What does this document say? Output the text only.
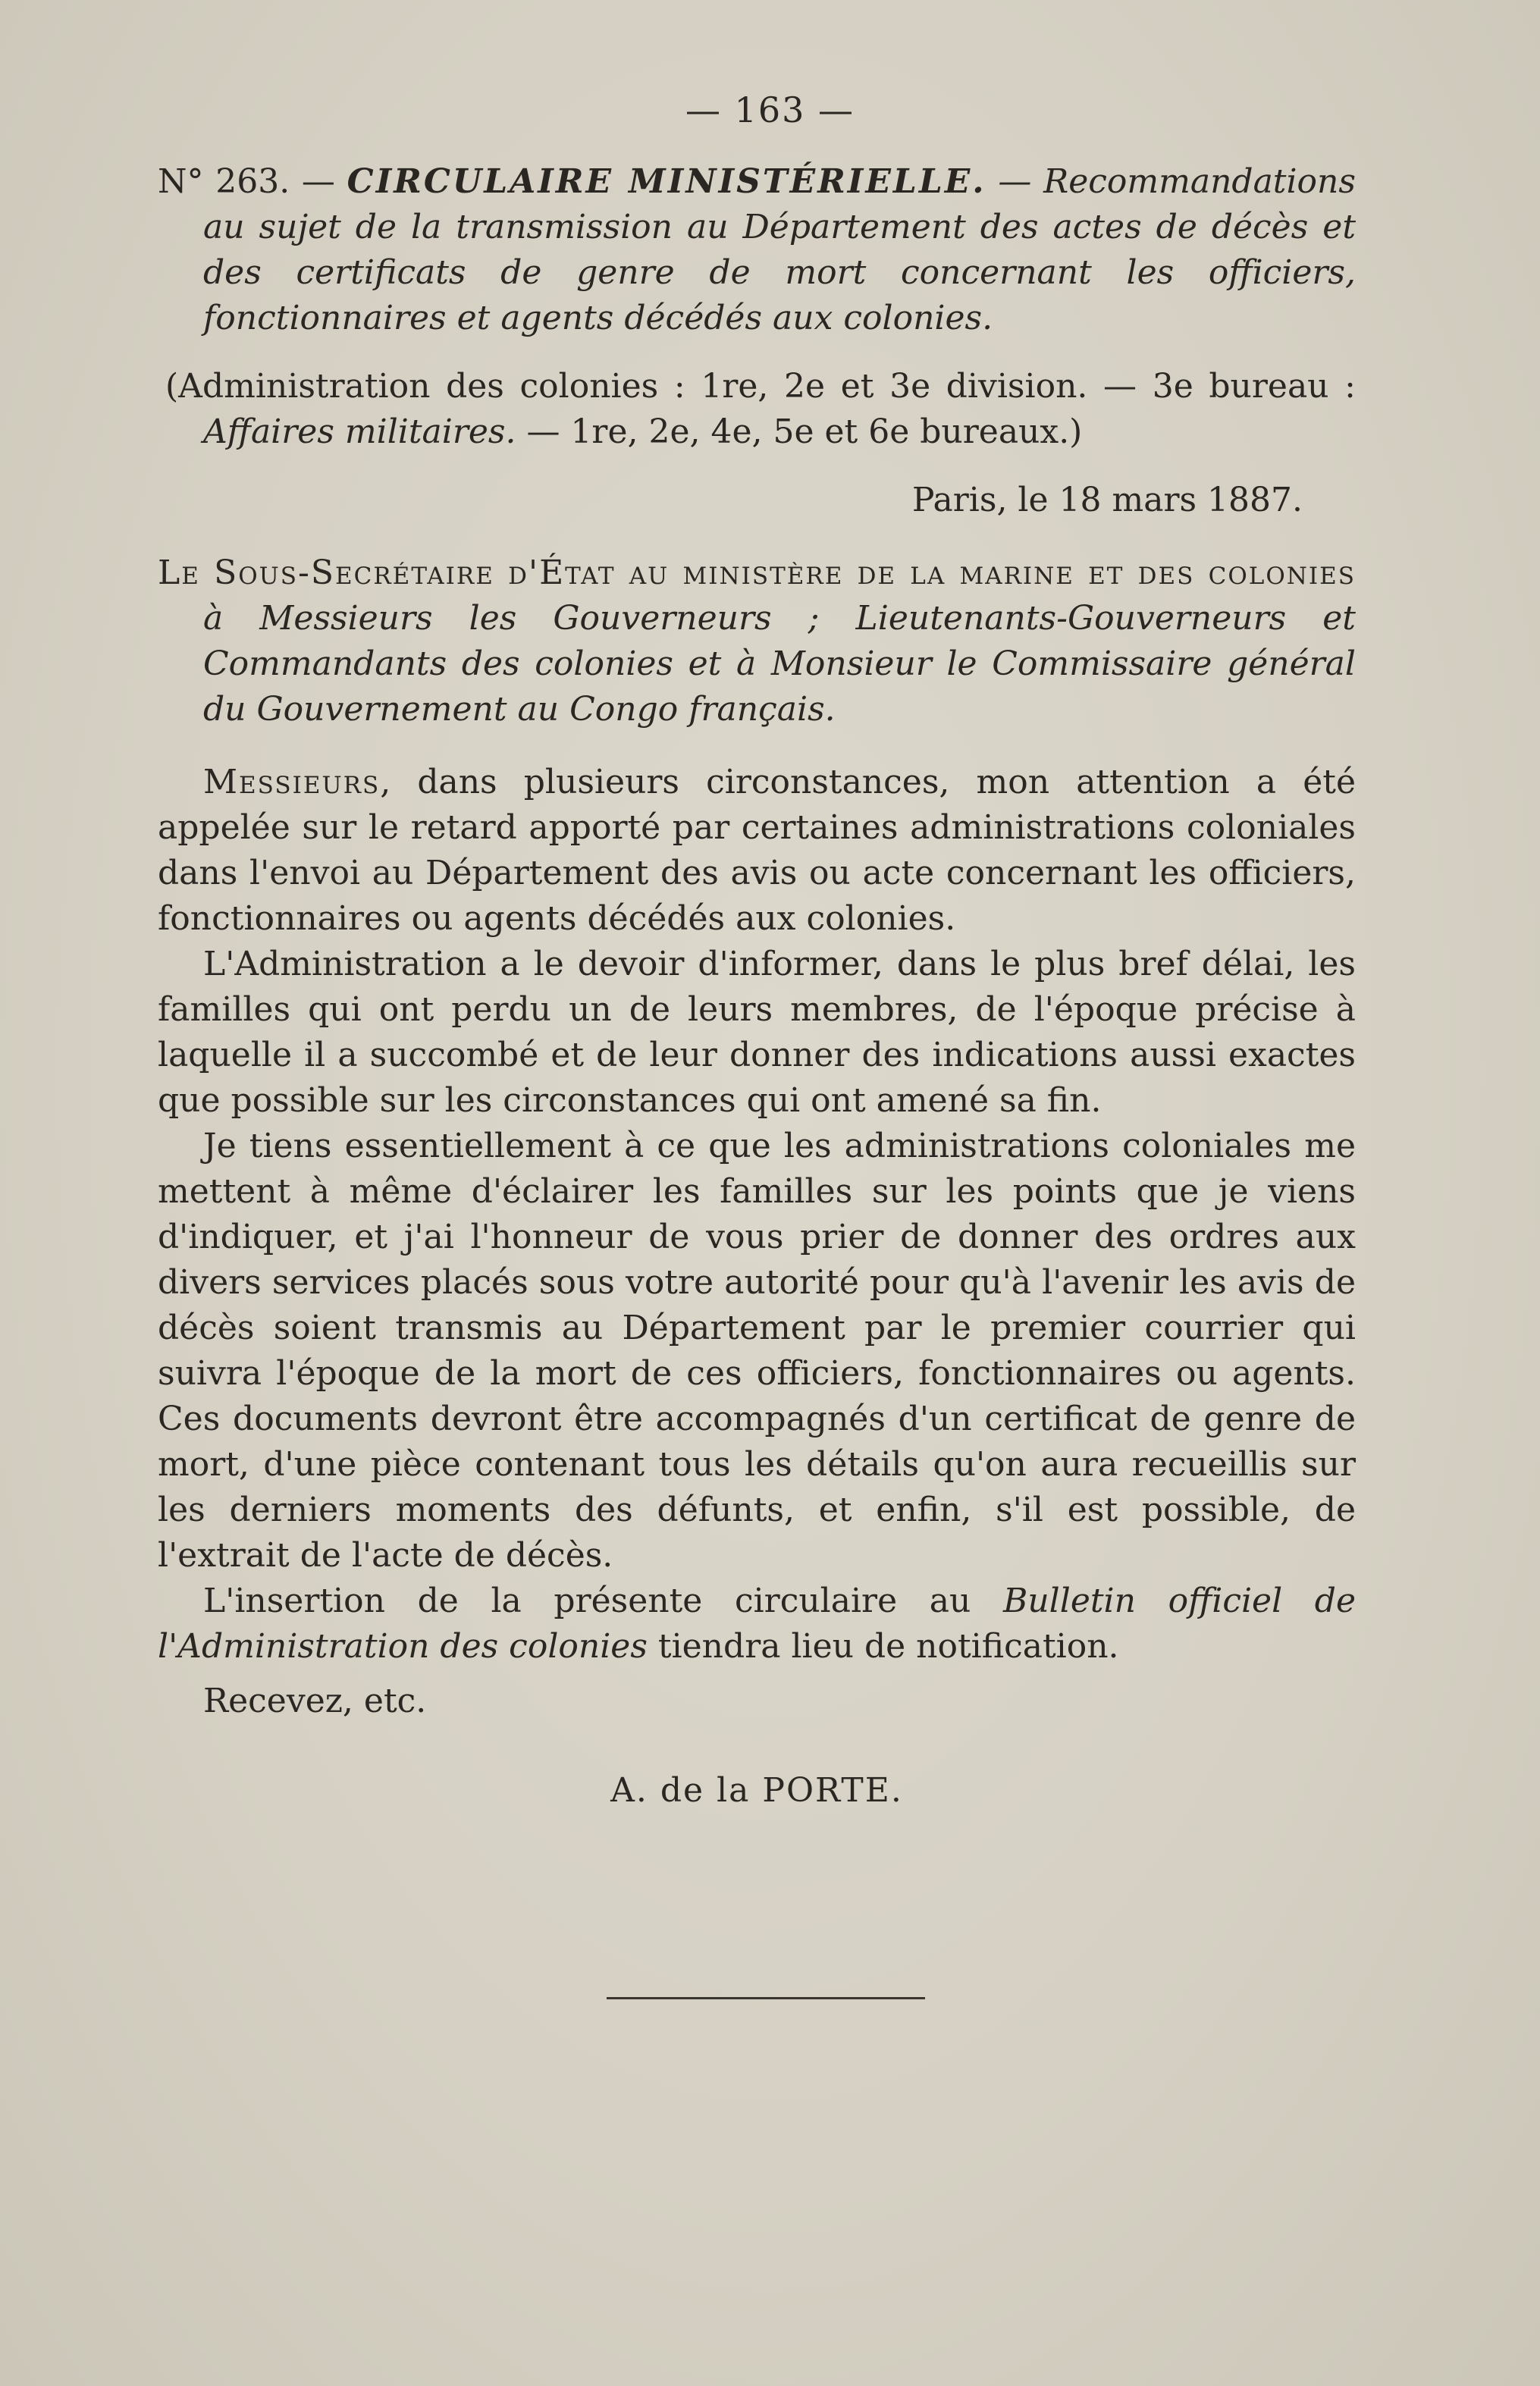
— 163 —

N° 263. — CIRCULAIRE MINISTÉRIELLE. — Recommandations au sujet de la transmission au Département des actes de décès et des certificats de genre de mort concernant les officiers, fonctionnaires et agents décédés aux colonies.

(Administration des colonies : 1re, 2e et 3e division. — 3e bureau : Affaires militaires. — 1re, 2e, 4e, 5e et 6e bureaux.)

Paris, le 18 mars 1887.

Le Sous-Secrétaire d'État au ministère de la marine et des colonies à Messieurs les Gouverneurs ; Lieutenants-Gouverneurs et Commandants des colonies et à Monsieur le Commissaire général du Gouvernement au Congo français.

Messieurs, dans plusieurs circonstances, mon attention a été appelée sur le retard apporté par certaines administrations coloniales dans l'envoi au Département des avis ou acte concernant les officiers, fonctionnaires ou agents décédés aux colonies.

L'Administration a le devoir d'informer, dans le plus bref délai, les familles qui ont perdu un de leurs membres, de l'époque précise à laquelle il a succombé et de leur donner des indications aussi exactes que possible sur les circonstances qui ont amené sa fin.

Je tiens essentiellement à ce que les administrations coloniales me mettent à même d'éclairer les familles sur les points que je viens d'indiquer, et j'ai l'honneur de vous prier de donner des ordres aux divers services placés sous votre autorité pour qu'à l'avenir les avis de décès soient transmis au Département par le premier courrier qui suivra l'époque de la mort de ces officiers, fonctionnaires ou agents. Ces documents devront être accompagnés d'un certificat de genre de mort, d'une pièce contenant tous les détails qu'on aura recueillis sur les derniers moments des défunts, et enfin, s'il est possible, de l'extrait de l'acte de décès.

L'insertion de la présente circulaire au Bulletin officiel de l'Administration des colonies tiendra lieu de notification.

Recevez, etc.

A. de la PORTE.
